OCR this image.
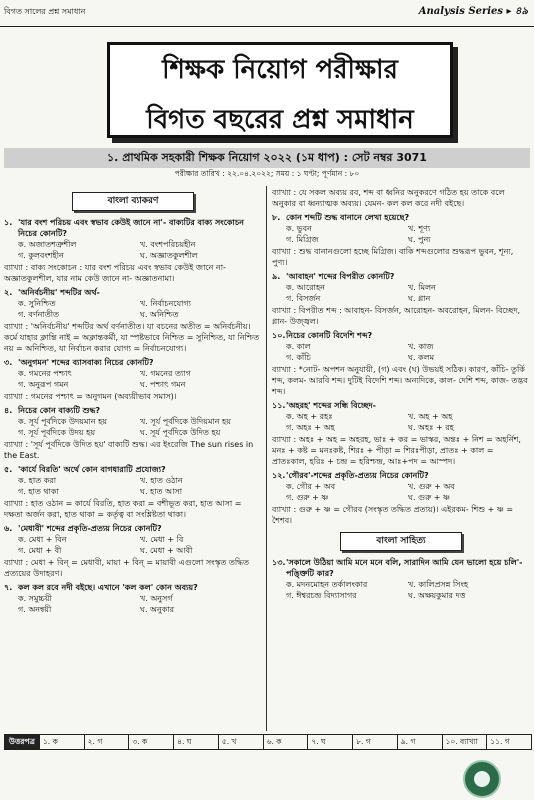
বিগত সালের প্রশ্ন সমাধান	Analysis Series ▸ ৪৯
শিক্ষক নিয়োগ পরীক্ষার
বিগত বছরের প্রশ্ন সমাধান
১. প্রাথমিক সহকারী শিক্ষক নিয়োগ ২০২২ (১ম ধাপ) : সেট নম্বর 3071
পরীক্ষার তারিখ : ২২.০৪.২০২২; সময় : ১ ঘণ্টা; পূর্ণমান : ৮০
বাংলা ব্যাকরণ
১. 'যার বংশ পরিচয় এবং স্বভাব কেউই জানে না'- বাক্যটির বাক্য সংকোচন নিচের কোনটি?
ক. অজাতশত্রুশীল	খ. বংশপরিচয়হীন
গ. কুলবংশহীন	ঘ. অজ্ঞাতকুলশীল
ব্যাখ্যা : বাক্য সংকোচন : যার বংশ পরিচয় এবং স্বভাব কেউই জানে না- অজ্ঞাতকুলশীল, যার নাম কেউ জানে না- অজ্ঞাতনামা।
২. 'অনির্বচনীয়' শব্দটির অর্থ-
ক. সুনিশ্চিত	খ. নির্বাচনযোগ্য
গ. বর্ণনাতীত	ঘ. অনিশ্চিত
ব্যাখ্যা : 'অনির্বচনীয়' শব্দটির অর্থ বর্ণনাতীত। যা বচনের অতীত = অনির্বচনীয়। কর্মে যাহার ক্লান্তি নাই = অক্লান্তকর্মী, যা স্পষ্টভাবে নিশ্চিত = সুনিশ্চিত, যা নিশ্চিত নয় = অনিশ্চিত, যা নির্বাচন করার যোগ্য = নির্বাচনযোগ্য।
৩. 'অনুগমন' শব্দের ব্যাসবাক্য নিচের কোনটি?
ক. গমনের পশ্চাৎ	খ. গমনের ত্যাগ
গ. অনুরূপ গমন	ঘ. পশ্চাৎ গমন
ব্যাখ্যা : গমনের পশ্চাৎ = অনুগমন (অব্যয়ীভাব সমাস)।
৪. নিচের কোন বাক্যটি শুদ্ধ?
ক. সূর্য পূর্বদিকে উদয়মান হয়	খ. সূর্য পূর্বদিকে উদিয়মান হয়
গ. সূর্য পূর্বদিকে উদয় হয়	ঘ. সূর্য পূর্বদিকে উদিত হয়
ব্যাখ্যা : 'সূর্য পূর্বদিকে উদিত হয়' বাক্যটি শুদ্ধ। এর ইংরেজি The sun rises in the East.
৫. 'কার্যে বিরতি' অর্থে কোন বাগধারাটি প্রযোজ্য?
ক. হাত করা	খ. হাত ওঠান
গ. হাত থাকা	ঘ. হাত আসা
ব্যাখ্যা : হাত ওঠান = কার্যে বিরতি, হাত করা = বশীভূত করা, হাত আসা = দক্ষতা অর্জন করা, হাত থাকা = কর্তৃত্ব বা সংশ্লিষ্টতা থাকা।
৬. 'মেধাবী' শব্দের প্রকৃতি-প্রত্যয় নিচের কোনটি?
ক. মেধা + বিন	খ. মেধা + বি
গ. মেধা + বী	ঘ. মেধা + আবী
ব্যাখ্যা : মেধা + বিন্ = মেধাবী, মায়া + বিন্ = মায়াবী এগুলো সংস্কৃত তদ্ধিত প্রত্যয়ের উদাহরণ।
৭. কল কল রবে নদী বইছে। এখানে 'কল কল' কোন অব্যয়?
ক. সমুচ্চয়ী	খ. অনুসর্গ
গ. অনন্বয়ী	ঘ. অনুকার
ব্যাখ্যা : যে সকল অব্যয় রব, শব্দ বা ধ্বনির অনুকরণে গঠিত হয় তাকে বলে অনুকার বা ধ্বন্যাত্মক অব্যয়। যেমন- কল কল করে নদী বইছে।
৮. কোন শব্দটি শুদ্ধ বানানে লেখা হয়েছে?
ক. ভুবন	খ. শূণ্য
গ. মিগ্রিজ	ঘ. পুন্য
ব্যাখ্যা : শুদ্ধ বানানগুলো হচ্ছে মিগ্রিজ। বাকি শব্দগুলোর শুদ্ধরূপ ভুবন, শূন্য, পুণ্য।
৯. 'আবাহন' শব্দের বিপরীত কোনটি?
ক. আরোহন	খ. মিলন
গ. বিসর্জন	ঘ. গ্লান
ব্যাখ্যা : বিপরীত শব্দ : আবাহন- বিসর্জন, আরোহন- অবরোহন, মিলন- বিচ্ছেদ, গ্লান- উজ্জ্বল।
১০. নিচের কোনটি বিদেশি শব্দ?
ক. কাল	খ. কাজ
গ. কাঁচি	ঘ. কলম
ব্যাখ্যা : *নোট- অপশন অনুযায়ী, (গ) এবং (ঘ) উভয়ই সঠিক। কারণ, কাঁচি- তুর্কি শব্দ, কলম- আরবি শব্দ। দুটিই বিদেশি শব্দ। অন্যদিকে, কাল- দেশি শব্দ, কাজ- তদ্ভব শব্দ।
১১. 'অহরহ' শব্দের সন্ধি বিচ্ছেদ-
ক. অহ + রহঃ	খ. অহ + অহ
গ. অহঃ + অহ	ঘ. অহঃ + রহ
ব্যাখ্যা : অহঃ + অহ = অহরহ, ভাঃ + কর = ভাস্কর, অন্তঃ + নিশ = অহর্নিশ, মনঃ + কষ্ট = মনঃকষ্ট, শিরঃ + পীড়া = শিরঃপীড়া, প্রাতঃ + কাল = প্রাতঃকাল, হরিঃ + চন্দ্র = হরিশ্চন্দ্র, আঃ+পদ = আস্পদ।
১২. 'গৌরব'-শব্দের প্রকৃতি-প্রত্যয় নিচের কোনটি?
ক. গৌর + অব	খ. গুরু + অব
গ. গুরু + ষ্ণ	ঘ. গুরু + ষ্ণ
ব্যাখ্যা : গুরু + ষ্ণ = গৌরব (সংস্কৃত তদ্ধিত প্রত্যয়)। এইরকম- শিশু + ষ্ণ = শৈশব।
বাংলা সাহিত্য
১৩. 'সকালে উঠিয়া আমি মনে মনে বলি, সারাদিন আমি যেন ভালো হয়ে চলি'- পঙ্ক্তিটি কার?
ক. মদনমোহন তর্কালংকার	খ. কালিপ্রসন্ন সিংহ
গ. ঈশ্বরচন্দ্র বিদ্যাসাগর	ঘ. অক্ষয়কুমার দত্ত
উত্তরপত্র	১. ক	২. গ	৩. ক	৪. ঘ	৫. খ	৬. ক	৭. ঘ	৮. গ	৯. গ	১০. ব্যাখ্যা	১১. গ
